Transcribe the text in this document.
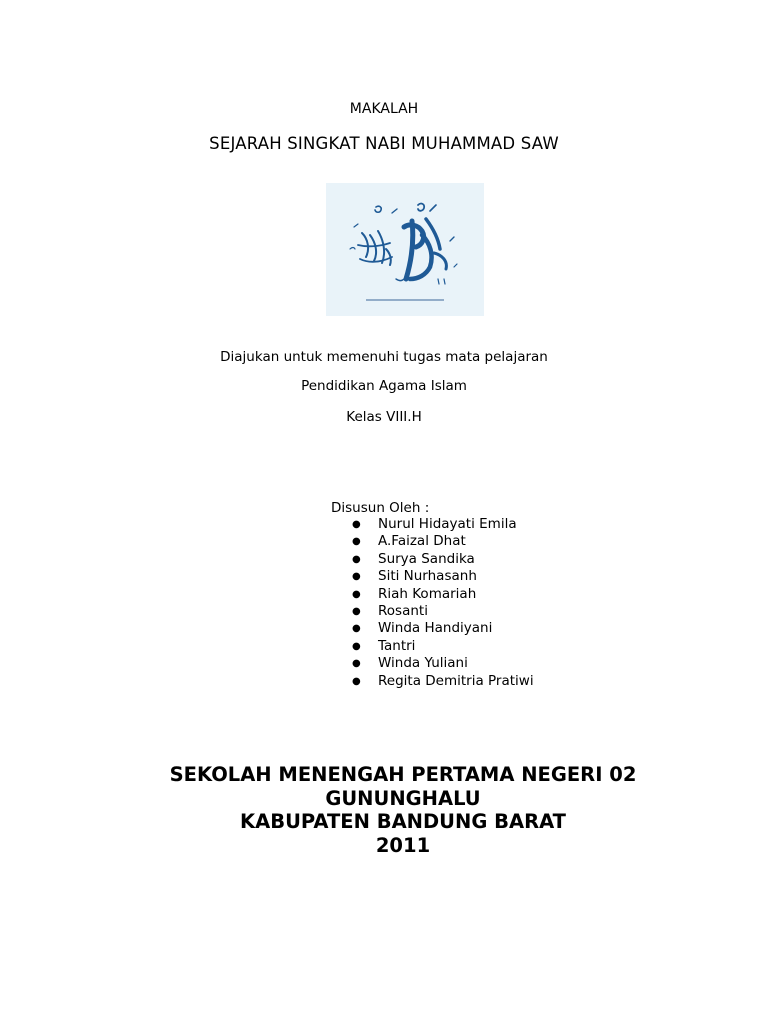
MAKALAH
SEJARAH SINGKAT NABI MUHAMMAD SAW
Diajukan untuk memenuhi tugas mata pelajaran
Pendidikan Agama Islam
Kelas VIII.H
Disusun Oleh :
● Nurul Hidayati Emila
● A.Faizal Dhat
● Surya Sandika
● Siti Nurhasanh
● Riah Komariah
● Rosanti
● Winda Handiyani
● Tantri
● Winda Yuliani
● Regita Demitria Pratiwi
SEKOLAH MENENGAH PERTAMA NEGERI 02
GUNUNGHALU
KABUPATEN BANDUNG BARAT
2011
